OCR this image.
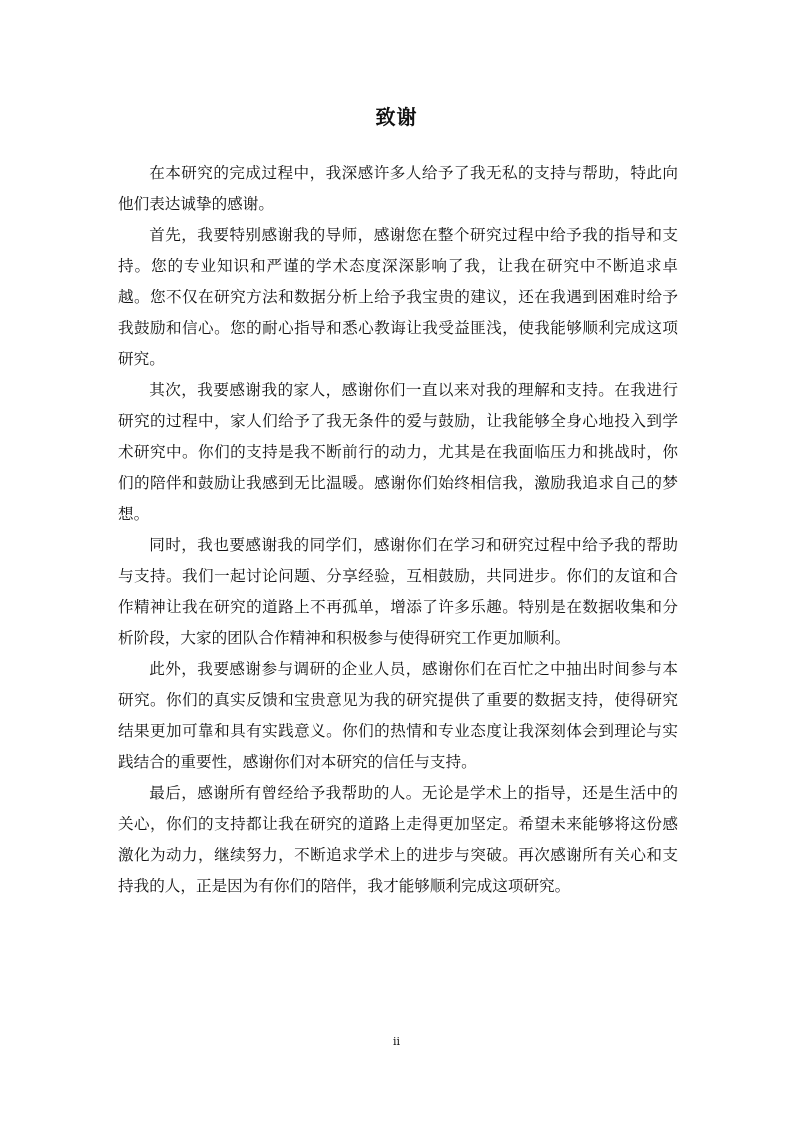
致谢

在本研究的完成过程中，我深感许多人给予了我无私的支持与帮助，特此向他们表达诚挚的感谢。

首先，我要特别感谢我的导师，感谢您在整个研究过程中给予我的指导和支持。您的专业知识和严谨的学术态度深深影响了我，让我在研究中不断追求卓越。您不仅在研究方法和数据分析上给予我宝贵的建议，还在我遇到困难时给予我鼓励和信心。您的耐心指导和悉心教诲让我受益匪浅，使我能够顺利完成这项研究。

其次，我要感谢我的家人，感谢你们一直以来对我的理解和支持。在我进行研究的过程中，家人们给予了我无条件的爱与鼓励，让我能够全身心地投入到学术研究中。你们的支持是我不断前行的动力，尤其是在我面临压力和挑战时，你们的陪伴和鼓励让我感到无比温暖。感谢你们始终相信我，激励我追求自己的梦想。

同时，我也要感谢我的同学们，感谢你们在学习和研究过程中给予我的帮助与支持。我们一起讨论问题、分享经验，互相鼓励，共同进步。你们的友谊和合作精神让我在研究的道路上不再孤单，增添了许多乐趣。特别是在数据收集和分析阶段，大家的团队合作精神和积极参与使得研究工作更加顺利。

此外，我要感谢参与调研的企业人员，感谢你们在百忙之中抽出时间参与本研究。你们的真实反馈和宝贵意见为我的研究提供了重要的数据支持，使得研究结果更加可靠和具有实践意义。你们的热情和专业态度让我深刻体会到理论与实践结合的重要性，感谢你们对本研究的信任与支持。

最后，感谢所有曾经给予我帮助的人。无论是学术上的指导，还是生活中的关心，你们的支持都让我在研究的道路上走得更加坚定。希望未来能够将这份感激化为动力，继续努力，不断追求学术上的进步与突破。再次感谢所有关心和支持我的人，正是因为有你们的陪伴，我才能够顺利完成这项研究。

ii
